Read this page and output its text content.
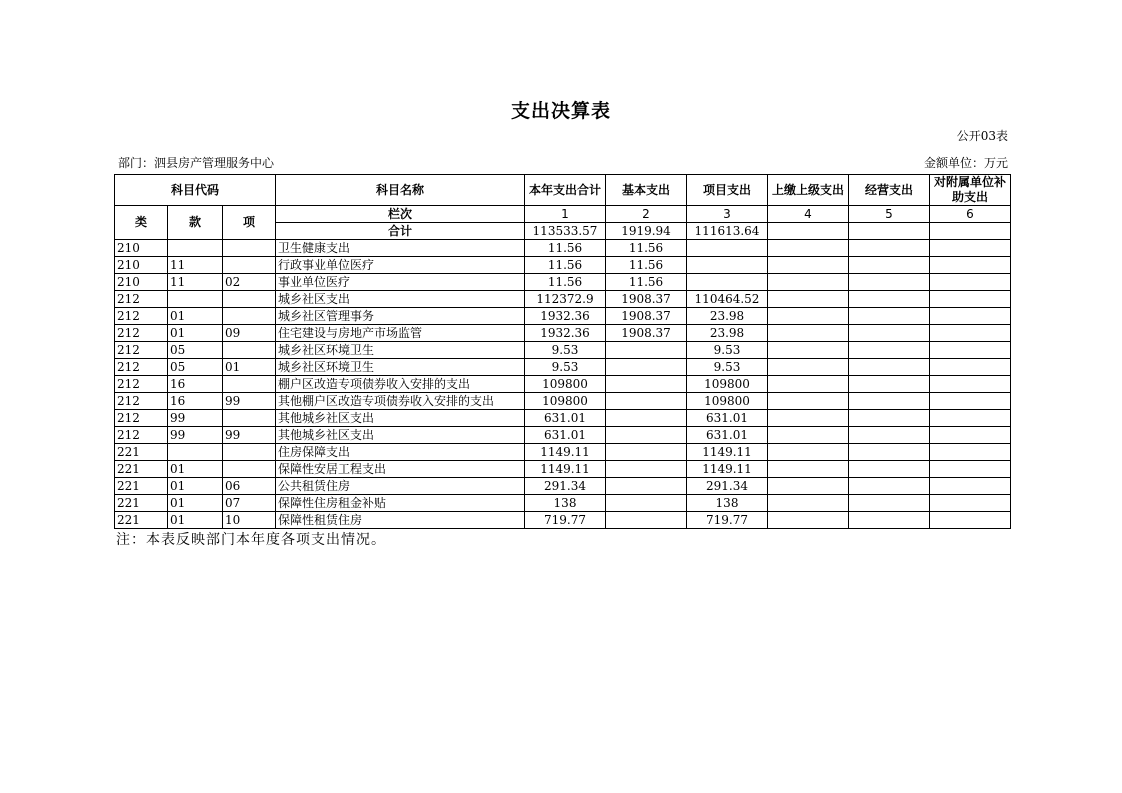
支出决算表
公开03表
部门：泗县房产管理服务中心	金额单位：万元
科目代码			科目名称	本年支出合计	基本支出	项目支出	上缴上级支出	经营支出	对附属单位补助支出
类	款	项	栏次	1	2	3	4	5	6
			合计	113533.57	1919.94	111613.64			
210			卫生健康支出	11.56	11.56				
210	11		行政事业单位医疗	11.56	11.56				
210	11	02	事业单位医疗	11.56	11.56				
212			城乡社区支出	112372.9	1908.37	110464.52			
212	01		城乡社区管理事务	1932.36	1908.37	23.98			
212	01	09	住宅建设与房地产市场监管	1932.36	1908.37	23.98			
212	05		城乡社区环境卫生	9.53		9.53			
212	05	01	城乡社区环境卫生	9.53		9.53			
212	16		棚户区改造专项债券收入安排的支出	109800		109800			
212	16	99	其他棚户区改造专项债券收入安排的支出	109800		109800			
212	99		其他城乡社区支出	631.01		631.01			
212	99	99	其他城乡社区支出	631.01		631.01			
221			住房保障支出	1149.11		1149.11			
221	01		保障性安居工程支出	1149.11		1149.11			
221	01	06	公共租赁住房	291.34		291.34			
221	01	07	保障性住房租金补贴	138		138			
221	01	10	保障性租赁住房	719.77		719.77			
注：本表反映部门本年度各项支出情况。
